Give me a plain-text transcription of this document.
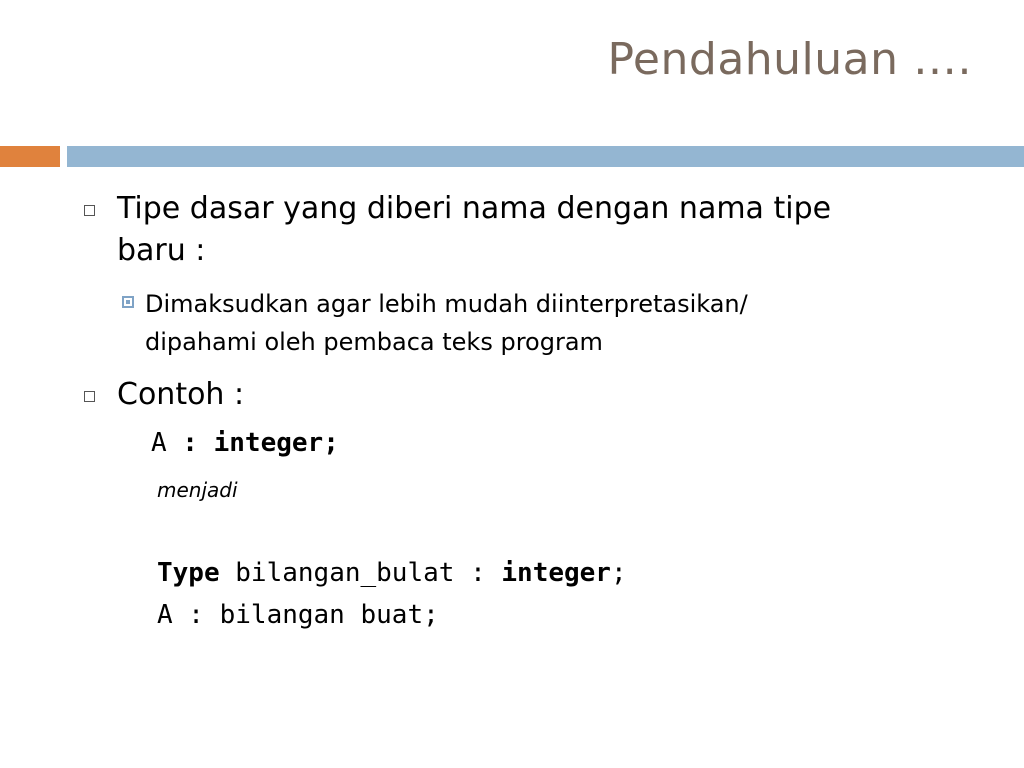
Pendahuluan ….
Tipe dasar yang diberi nama dengan nama tipe
baru :
Dimaksudkan agar lebih mudah diinterpretasikan/
dipahami oleh pembaca teks program
Contoh :
A : integer;
menjadi
Type bilangan_bulat : integer;
A : bilangan buat;
